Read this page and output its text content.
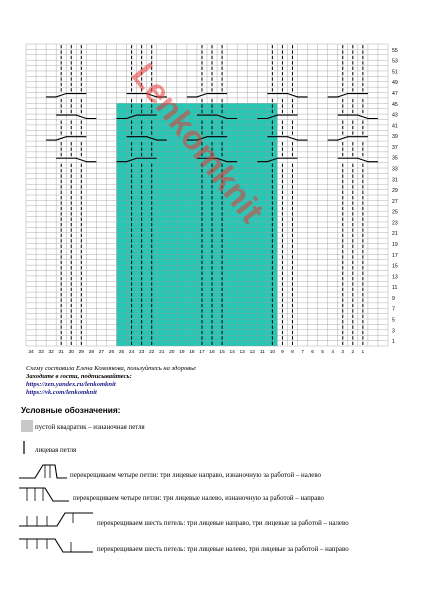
55
53
51
49
47
45
43
41
39
37
35
33
31
29
27
25
23
21
19
17
15
13
11
9
7
5
3
1
34 33 32 31 30 29 28 27 26 25 24 23 22 21 20 19 18 17 16 15 14 13 12 11 10 9 8 7 6 5 4 3 2 1
Lenkomknit
Схему составила Елена Комлякова, пользуйтесь на здоровье
Заходите в гости, подписывайтесь:
https://zen.yandex.ru/lenkomknit
https://vk.com/lenkomknit
Условные обозначения:
пустой квадратик – изнаночная петля
лицевая петля
перекрещиваем четыре петли: три лицевые направо, изнаночную за работой – налево
перекрещиваем четыре петли: три лицевые налево, изнаночную за работой – направо
перекрещиваем шесть петель: три лицевые направо, три лицевые за работой – налево
перекрещиваем шесть петель: три лицевые налево, три лицевые за работой – направо
